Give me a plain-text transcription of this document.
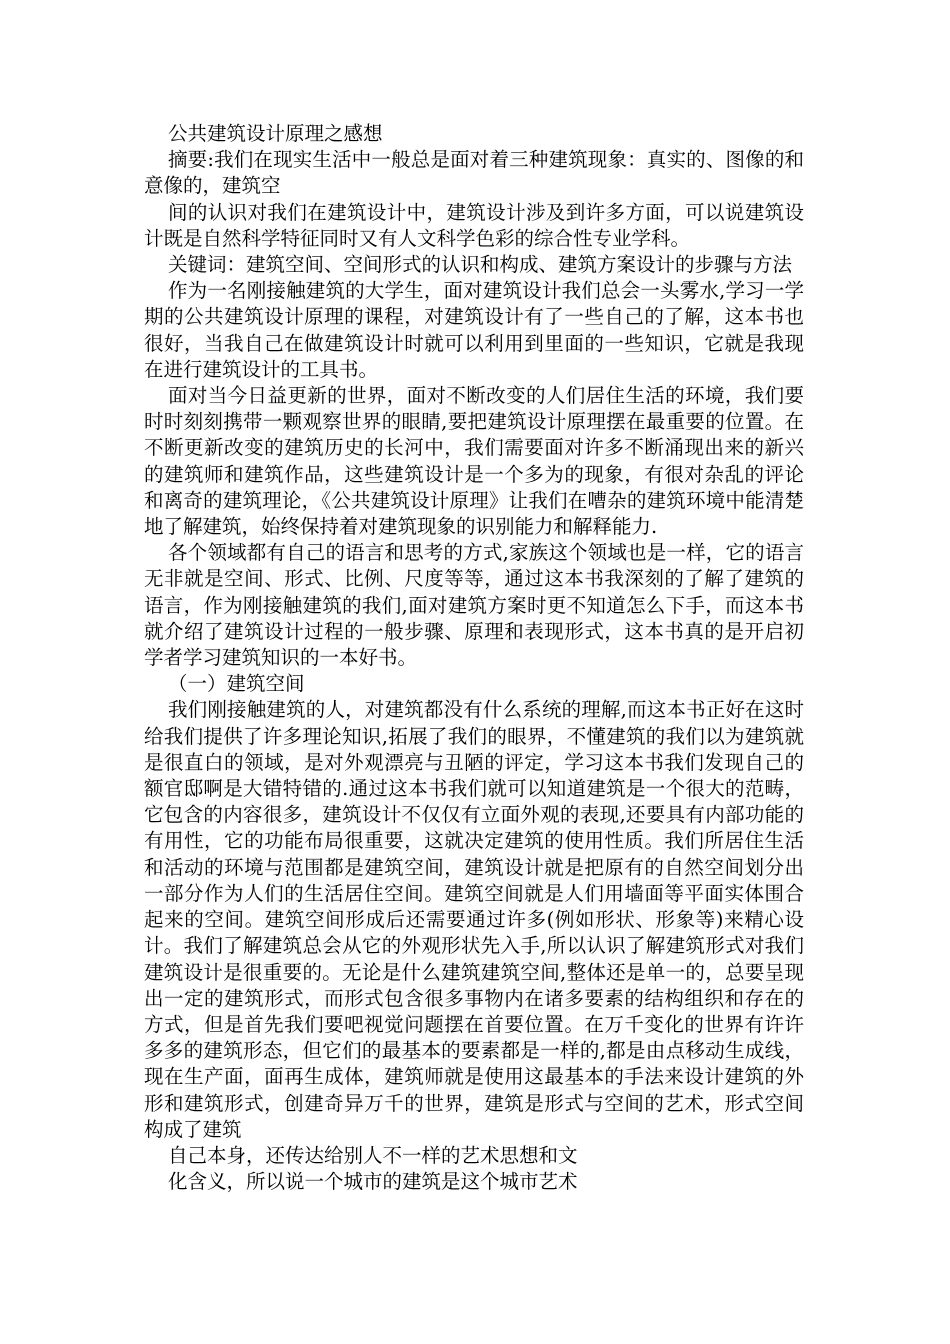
公共建筑设计原理之感想

摘要:我们在现实生活中一般总是面对着三种建筑现象：真实的、图像的和意像的，建筑空

间的认识对我们在建筑设计中，建筑设计涉及到许多方面，可以说建筑设计既是自然科学特征同时又有人文科学色彩的综合性专业学科。

关键词：建筑空间、空间形式的认识和构成、建筑方案设计的步骤与方法

作为一名刚接触建筑的大学生，面对建筑设计我们总会一头雾水,学习一学期的公共建筑设计原理的课程，对建筑设计有了一些自己的了解，这本书也很好，当我自己在做建筑设计时就可以利用到里面的一些知识，它就是我现在进行建筑设计的工具书。

面对当今日益更新的世界，面对不断改变的人们居住生活的环境，我们要时时刻刻携带一颗观察世界的眼睛,要把建筑设计原理摆在最重要的位置。在不断更新改变的建筑历史的长河中，我们需要面对许多不断涌现出来的新兴的建筑师和建筑作品，这些建筑设计是一个多为的现象，有很对杂乱的评论和离奇的建筑理论，《公共建筑设计原理》让我们在嘈杂的建筑环境中能清楚地了解建筑，始终保持着对建筑现象的识别能力和解释能力.

各个领域都有自己的语言和思考的方式,家族这个领域也是一样，它的语言无非就是空间、形式、比例、尺度等等，通过这本书我深刻的了解了建筑的语言，作为刚接触建筑的我们,面对建筑方案时更不知道怎么下手，而这本书就介绍了建筑设计过程的一般步骤、原理和表现形式，这本书真的是开启初学者学习建筑知识的一本好书。

（一）建筑空间

我们刚接触建筑的人，对建筑都没有什么系统的理解,而这本书正好在这时给我们提供了许多理论知识,拓展了我们的眼界，不懂建筑的我们以为建筑就是很直白的领域，是对外观漂亮与丑陋的评定，学习这本书我们发现自己的额官邸啊是大错特错的.通过这本书我们就可以知道建筑是一个很大的范畴，它包含的内容很多，建筑设计不仅仅有立面外观的表现,还要具有内部功能的有用性，它的功能布局很重要，这就决定建筑的使用性质。我们所居住生活和活动的环境与范围都是建筑空间，建筑设计就是把原有的自然空间划分出一部分作为人们的生活居住空间。建筑空间就是人们用墙面等平面实体围合起来的空间。建筑空间形成后还需要通过许多(例如形状、形象等)来精心设计。我们了解建筑总会从它的外观形状先入手,所以认识了解建筑形式对我们建筑设计是很重要的。无论是什么建筑建筑空间,整体还是单一的，总要呈现出一定的建筑形式，而形式包含很多事物内在诸多要素的结构组织和存在的方式，但是首先我们要吧视觉问题摆在首要位置。在万千变化的世界有许许多多的建筑形态，但它们的最基本的要素都是一样的,都是由点移动生成线，现在生产面，面再生成体，建筑师就是使用这最基本的手法来设计建筑的外形和建筑形式，创建奇异万千的世界，建筑是形式与空间的艺术，形式空间构成了建筑

自己本身，还传达给别人不一样的艺术思想和文

化含义，所以说一个城市的建筑是这个城市艺术
